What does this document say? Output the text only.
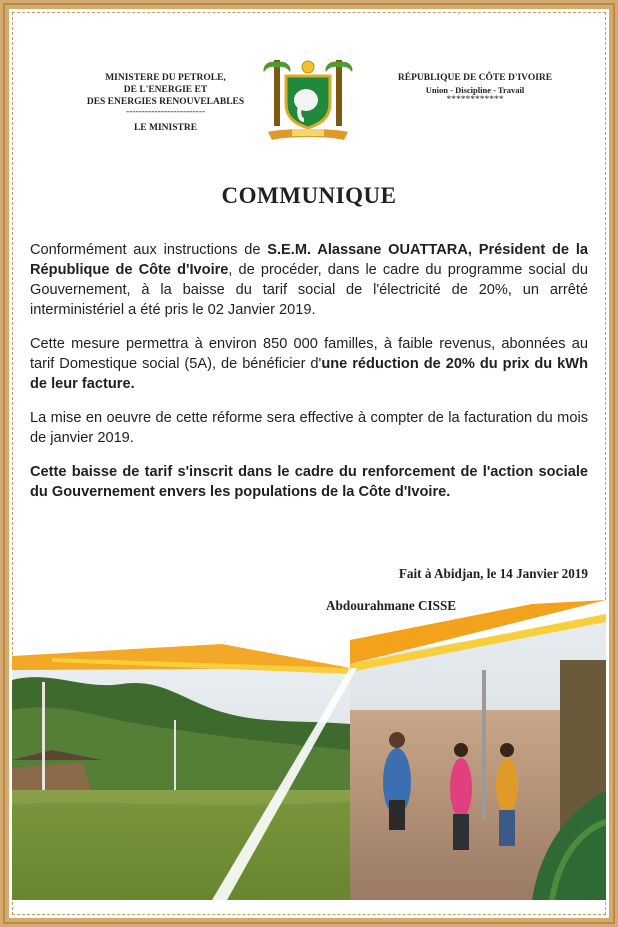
MINISTERE DU PETROLE,
DE L'ENERGIE ET
DES ENERGIES RENOUVELABLES
-------------------------
LE MINISTRE
RÉPUBLIQUE DE CÔTE D'IVOIRE
Union - Discipline - Travail
************
COMMUNIQUE

Conformément aux instructions de S.E.M. Alassane OUATTARA, Président de la République de Côte d'Ivoire, de procéder, dans le cadre du programme social du Gouvernement, à la baisse du tarif social de l'électricité de 20%, un arrêté interministériel a été pris le 02 Janvier 2019.

Cette mesure permettra à environ 850 000 familles, à faible revenus, abonnées au tarif Domestique social (5A), de bénéficier d'une réduction de 20% du prix du kWh de leur facture.

La mise en oeuvre de cette réforme sera effective à compter de la facturation du mois de janvier 2019.

Cette baisse de tarif s'inscrit dans le cadre du renforcement de l'action sociale du Gouvernement envers les populations de la Côte d'Ivoire.

Fait à Abidjan, le 14 Janvier 2019
Abdourahmane CISSE
